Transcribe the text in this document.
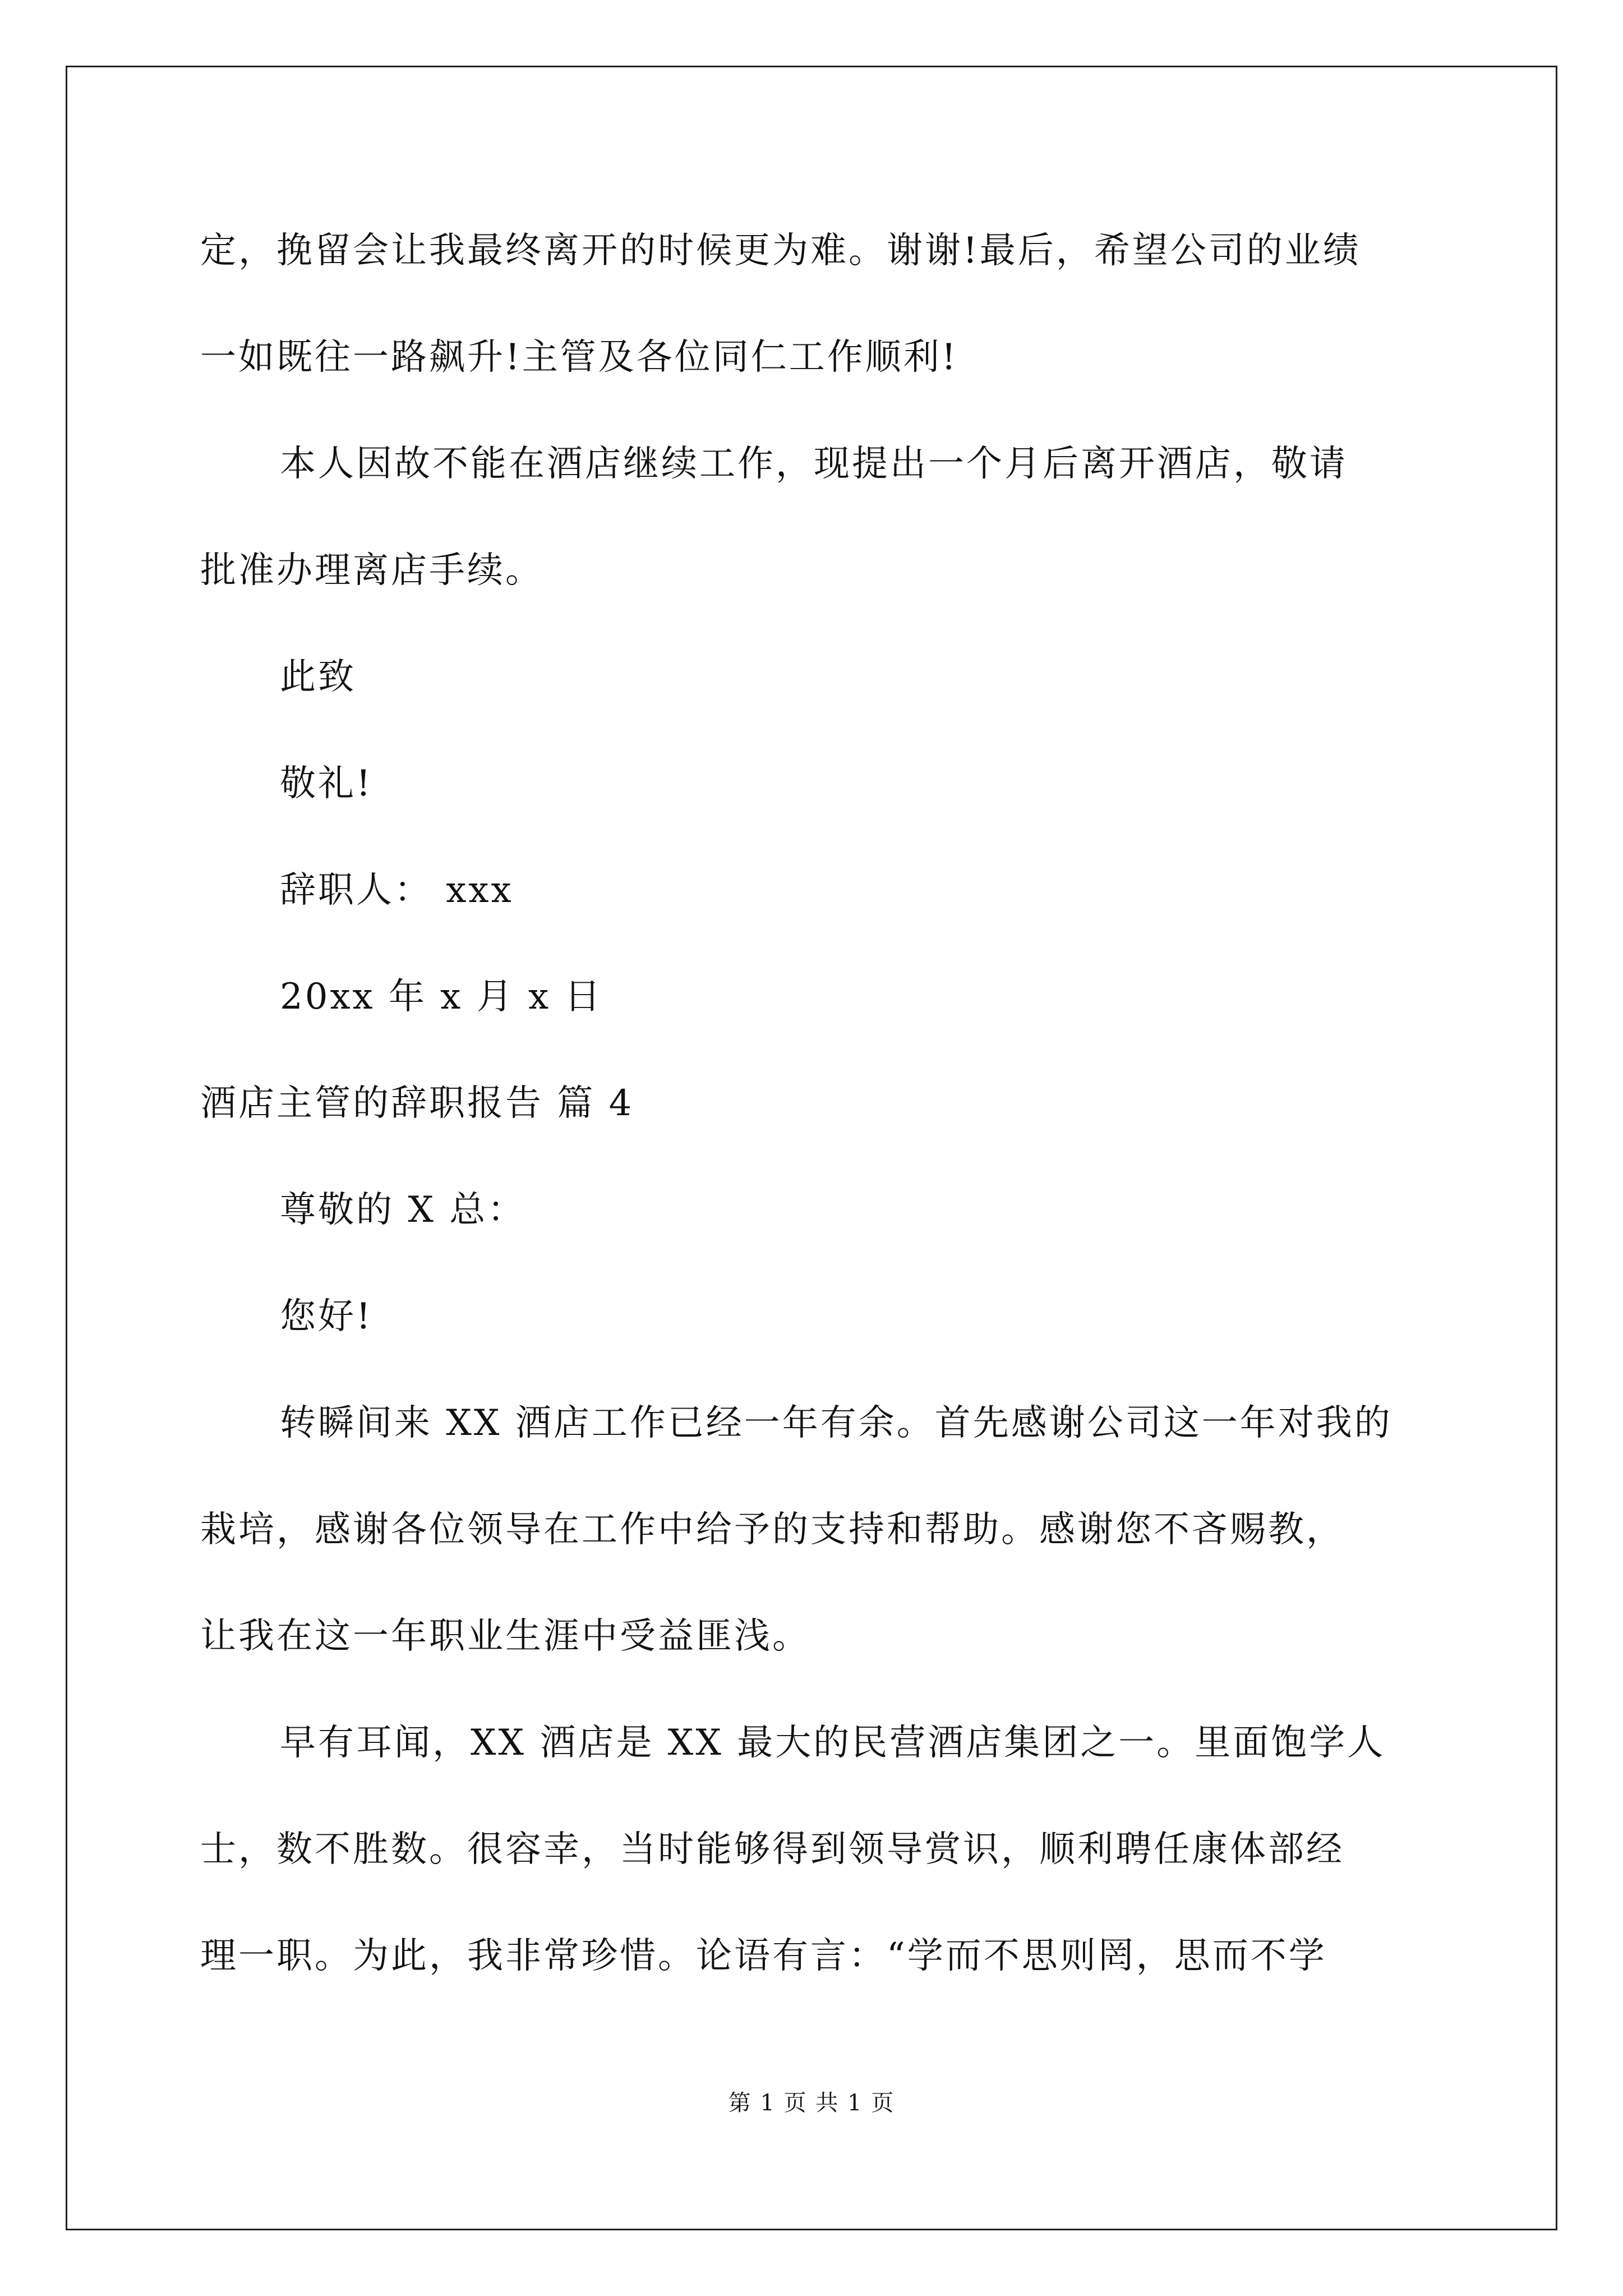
定，挽留会让我最终离开的时候更为难。谢谢!最后，希望公司的业绩
一如既往一路飙升!主管及各位同仁工作顺利!
本人因故不能在酒店继续工作，现提出一个月后离开酒店，敬请
批准办理离店手续。
此致
敬礼!
辞职人： xxx
20xx 年 x 月 x 日
酒店主管的辞职报告 篇 4
尊敬的 X 总：
您好!
转瞬间来 XX 酒店工作已经一年有余。首先感谢公司这一年对我的
栽培，感谢各位领导在工作中给予的支持和帮助。感谢您不吝赐教，
让我在这一年职业生涯中受益匪浅。
早有耳闻，XX 酒店是 XX 最大的民营酒店集团之一。里面饱学人
士，数不胜数。很容幸，当时能够得到领导赏识，顺利聘任康体部经
理一职。为此，我非常珍惜。论语有言：“学而不思则罔，思而不学
第 1 页 共 1 页
